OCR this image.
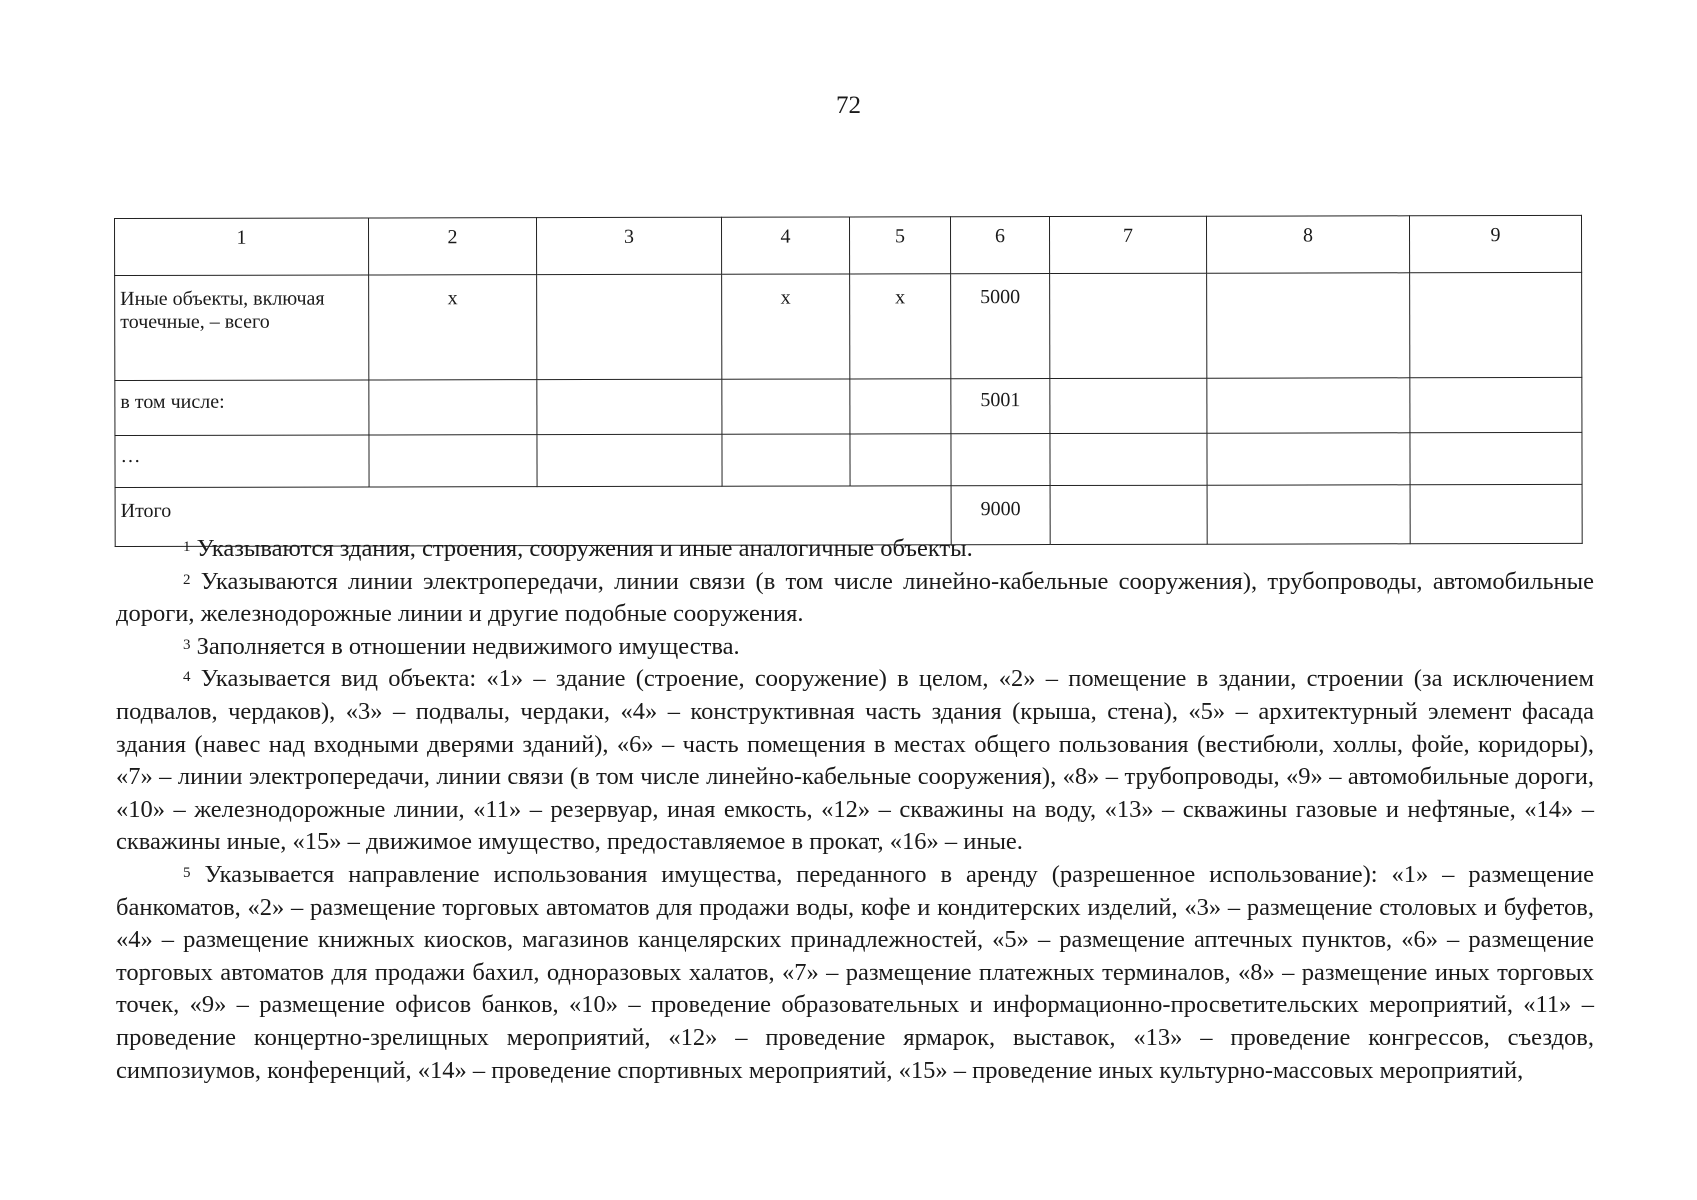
72
1	2	3	4	5	6	7	8	9
Иные объекты, включая точечные, – всего	х		х	х	5000			
в том числе:					5001			
…								
Итого					9000			

$^1$ Указываются здания, строения, сооружения и иные аналогичные объекты.

$^2$ Указываются линии электропередачи, линии связи (в том числе линейно-кабельные сооружения), трубопроводы, автомобильные дороги, железнодорожные линии и другие подобные сооружения.

$^3$ Заполняется в отношении недвижимого имущества.

$^4$ Указывается вид объекта: «1» – здание (строение, сооружение) в целом, «2» – помещение в здании, строении (за исключением подвалов, чердаков), «3» – подвалы, чердаки, «4» – конструктивная часть здания (крыша, стена), «5» – архитектурный элемент фасада здания (навес над входными дверями зданий), «6» – часть помещения в местах общего пользования (вестибюли, холлы, фойе, коридоры), «7» – линии электропередачи, линии связи (в том числе линейно-кабельные сооружения), «8» – трубопроводы, «9» – автомобильные дороги, «10» – железнодорожные линии, «11» – резервуар, иная емкость, «12» – скважины на воду, «13» – скважины газовые и нефтяные, «14» – скважины иные, «15» – движимое имущество, предоставляемое в прокат, «16» – иные.

$^5$ Указывается направление использования имущества, переданного в аренду (разрешенное использование): «1» – размещение банкоматов, «2» – размещение торговых автоматов для продажи воды, кофе и кондитерских изделий, «3» – размещение столовых и буфетов, «4» – размещение книжных киосков, магазинов канцелярских принадлежностей, «5» – размещение аптечных пунктов, «6» – размещение торговых автоматов для продажи бахил, одноразовых халатов, «7» – размещение платежных терминалов, «8» – размещение иных торговых точек, «9» – размещение офисов банков, «10» – проведение образовательных и информационно-просветительских мероприятий, «11» – проведение концертно-зрелищных мероприятий, «12» – проведение ярмарок, выставок, «13» – проведение конгрессов, съездов, симпозиумов, конференций, «14» – проведение спортивных мероприятий, «15» – проведение иных культурно-массовых мероприятий,
